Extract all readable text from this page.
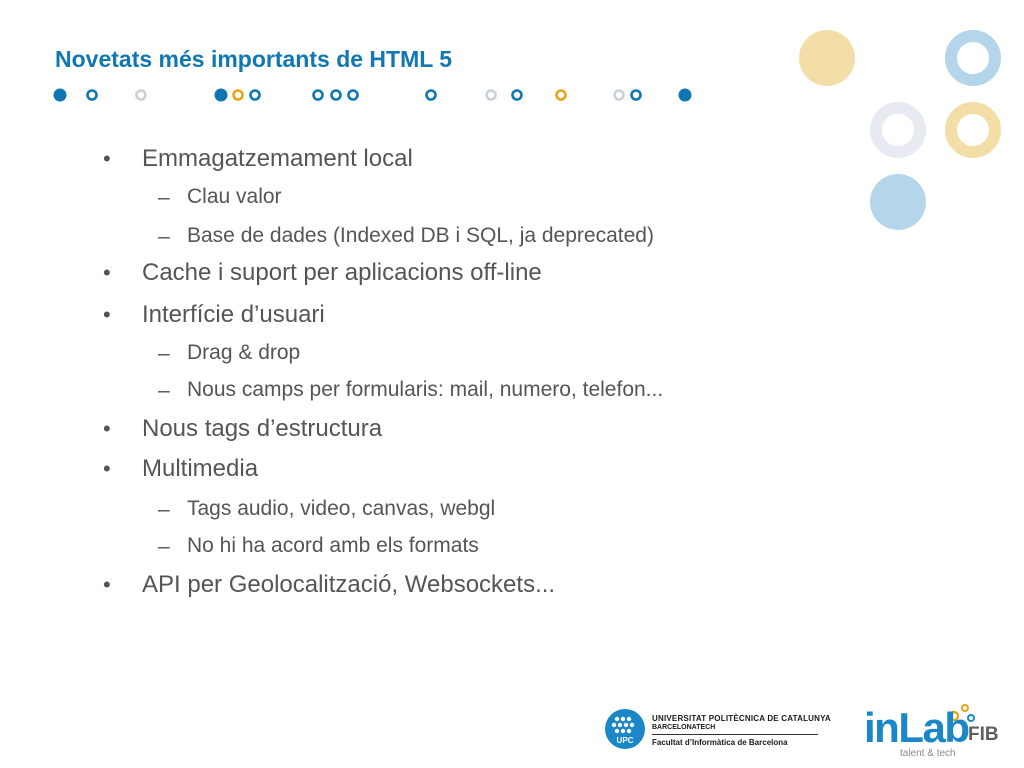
Novetats més importants de HTML 5
• Emmagatzemament local
– Clau valor
– Base de dades (Indexed DB i SQL, ja deprecated)
• Cache i suport per aplicacions off-line
• Interfície d’usuari
– Drag & drop
– Nous camps per formularis: mail, numero, telefon...
• Nous tags d’estructura
• Multimedia
– Tags audio, video, canvas, webgl
– No hi ha acord amb els formats
• API per Geolocalització, Websockets...
UPC
UNIVERSITAT POLITÈCNICA DE CATALUNYA
BARCELONATECH
Facultat d’Informàtica de Barcelona inLab FIB
talent & tech
